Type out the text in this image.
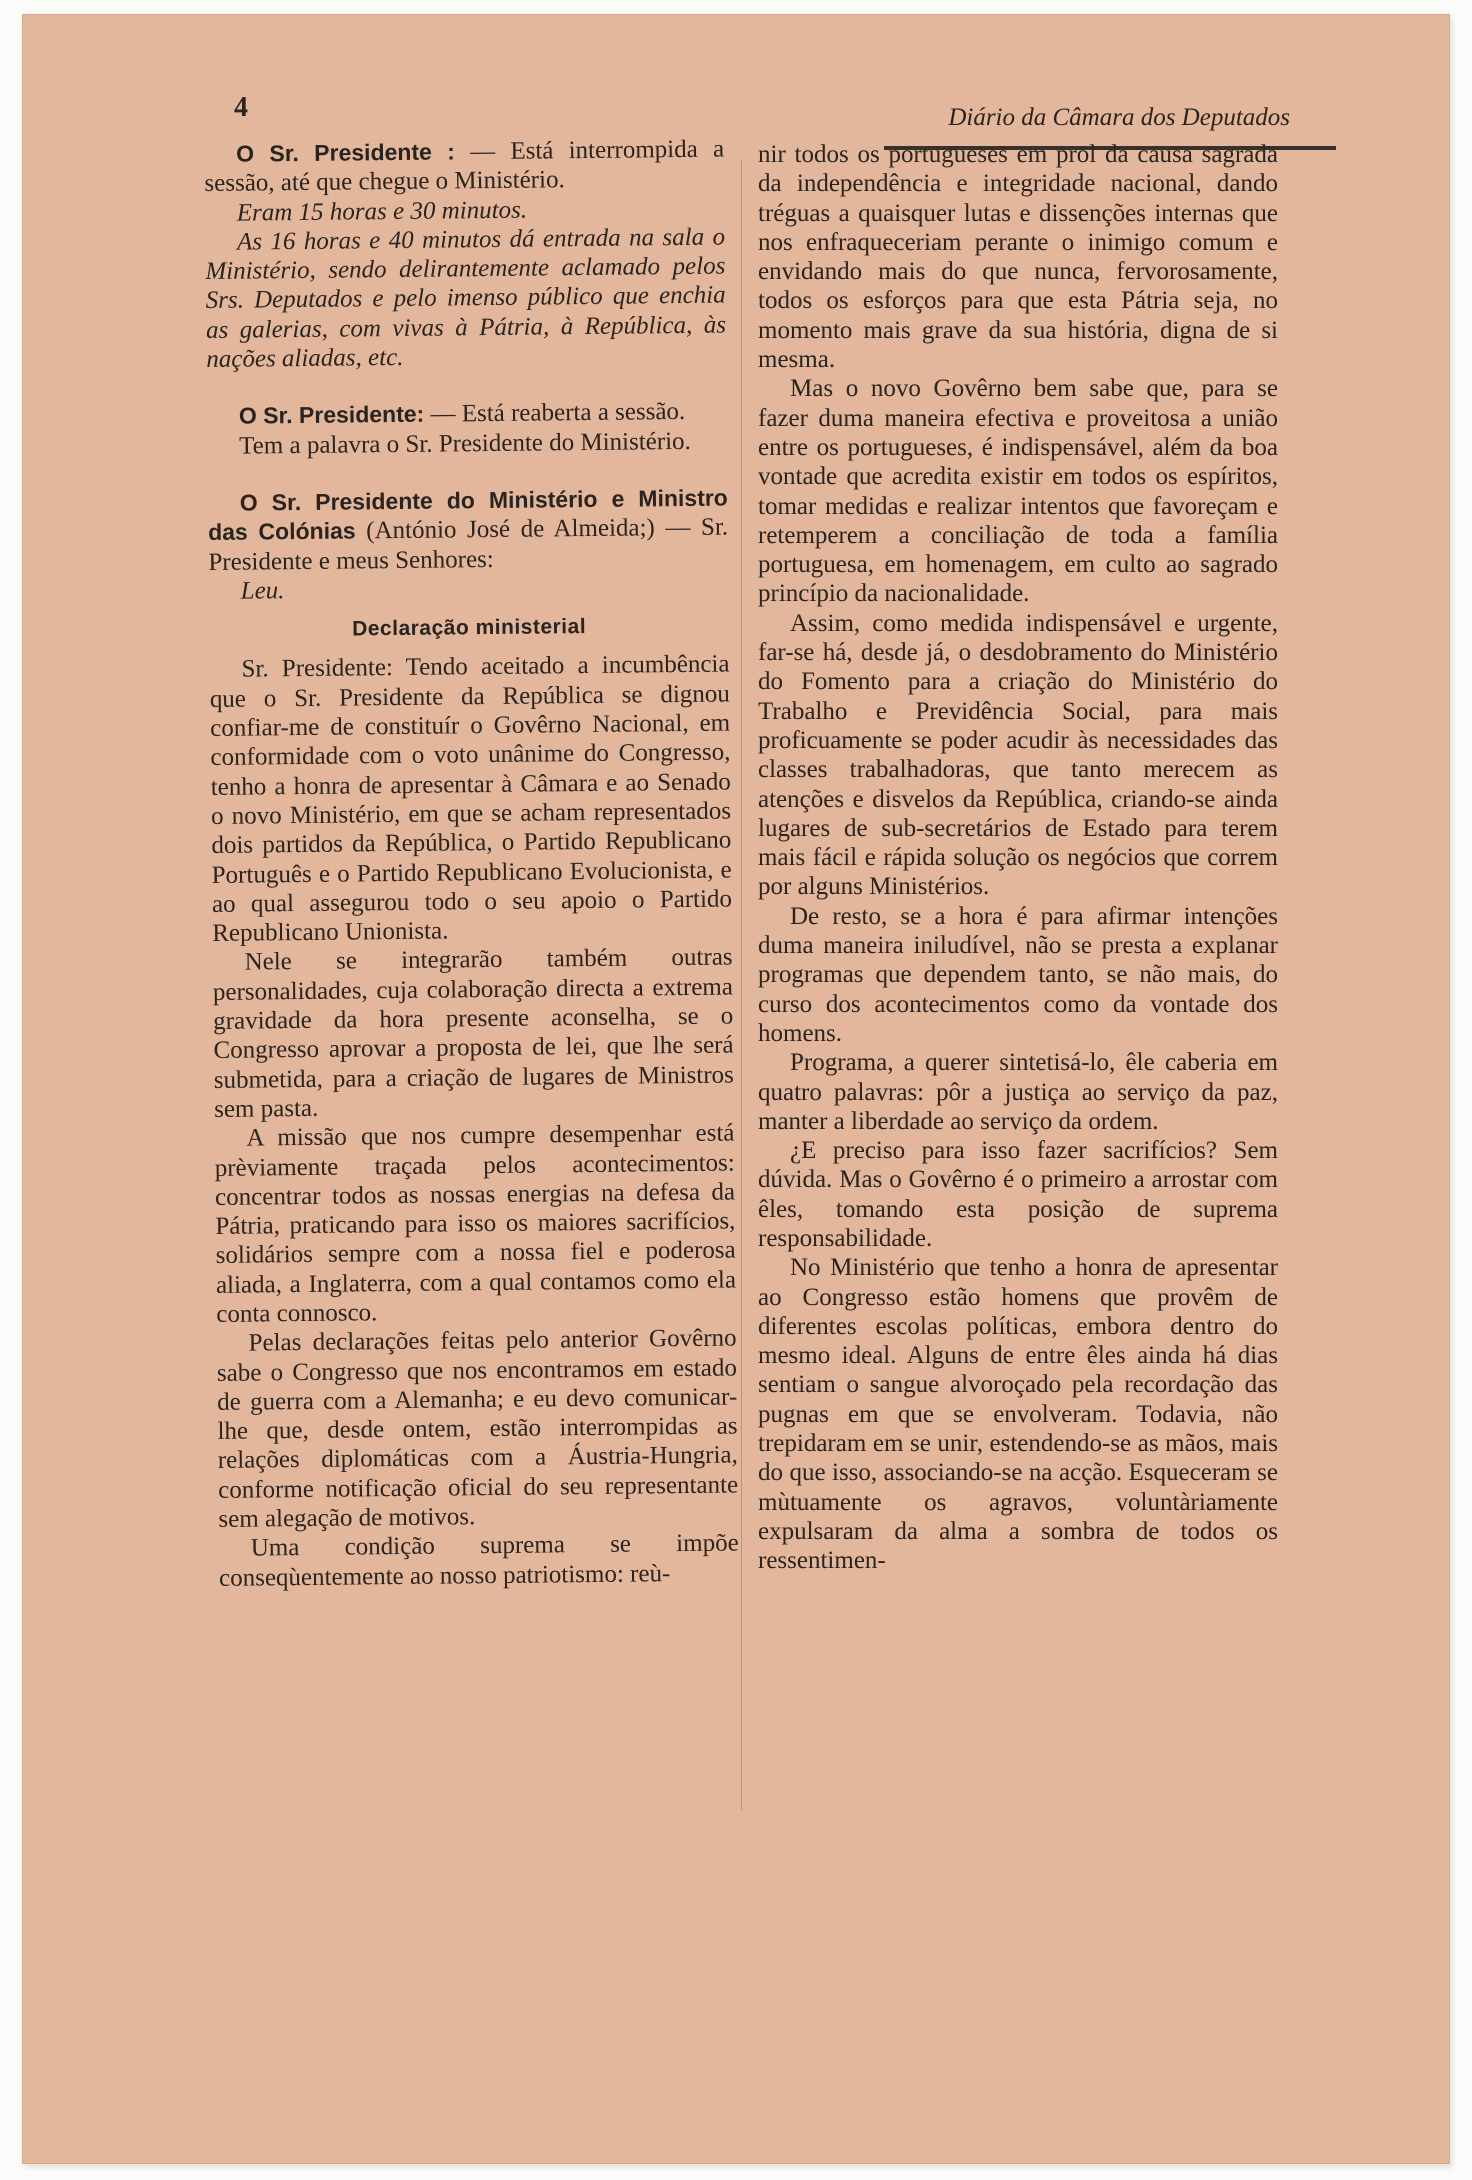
4	Diário da Câmara dos Deputados

O Sr. Presidente : — Está interrompida a sessão, até que chegue o Ministério.

Eram 15 horas e 30 minutos.

As 16 horas e 40 minutos dá entrada na sala o Ministério, sendo delirantemente aclamado pelos Srs. Deputados e pelo imenso público que enchia as galerias, com vivas à Pátria, à República, às nações aliadas, etc.

O Sr. Presidente: — Está reaberta a sessão.

Tem a palavra o Sr. Presidente do Ministério.

O Sr. Presidente do Ministério e Ministro das Colónias (António José de Almeida;) — Sr. Presidente e meus Senhores:

Leu.

Declaração ministerial

Sr. Presidente: Tendo aceitado a incumbência que o Sr. Presidente da República se dignou confiar-me de constituír o Govêrno Nacional, em conformidade com o voto unânime do Congresso, tenho a honra de apresentar à Câmara e ao Senado o novo Ministério, em que se acham representados dois partidos da República, o Partido Republicano Português e o Partido Republicano Evolucionista, e ao qual assegurou todo o seu apoio o Partido Republicano Unionista.

Nele se integrarão também outras personalidades, cuja colaboração directa a extrema gravidade da hora presente aconselha, se o Congresso aprovar a proposta de lei, que lhe será submetida, para a criação de lugares de Ministros sem pasta.

A missão que nos cumpre desempenhar está prèviamente traçada pelos acontecimentos: concentrar todos as nossas energias na defesa da Pátria, praticando para isso os maiores sacrifícios, solidários sempre com a nossa fiel e poderosa aliada, a Inglaterra, com a qual contamos como ela conta connosco.

Pelas declarações feitas pelo anterior Govêrno sabe o Congresso que nos encontramos em estado de guerra com a Alemanha; e eu devo comunicar-lhe que, desde ontem, estão interrompidas as relações diplomáticas com a Áustria-Hungria, conforme notificação oficial do seu representante sem alegação de motivos.

Uma condição suprema se impõe conseqùentemente ao nosso patriotismo: reù-

nir todos os portugueses em prol da causa sagrada da independência e integridade nacional, dando tréguas a quaisquer lutas e dissenções internas que nos enfraqueceriam perante o inimigo comum e envidando mais do que nunca, fervorosamente, todos os esforços para que esta Pátria seja, no momento mais grave da sua história, digna de si mesma.

Mas o novo Govêrno bem sabe que, para se fazer duma maneira efectiva e proveitosa a união entre os portugueses, é indispensável, além da boa vontade que acredita existir em todos os espíritos, tomar medidas e realizar intentos que favoreçam e retemperem a conciliação de toda a família portuguesa, em homenagem, em culto ao sagrado princípio da nacionalidade.

Assim, como medida indispensável e urgente, far-se há, desde já, o desdobramento do Ministério do Fomento para a criação do Ministério do Trabalho e Previdência Social, para mais proficuamente se poder acudir às necessidades das classes trabalhadoras, que tanto merecem as atenções e disvelos da República, criando-se ainda lugares de sub-secretários de Estado para terem mais fácil e rápida solução os negócios que correm por alguns Ministérios.

De resto, se a hora é para afirmar intenções duma maneira iniludível, não se presta a explanar programas que dependem tanto, se não mais, do curso dos acontecimentos como da vontade dos homens.

Programa, a querer sintetisá-lo, êle caberia em quatro palavras: pôr a justiça ao serviço da paz, manter a liberdade ao serviço da ordem.

¿E preciso para isso fazer sacrifícios? Sem dúvida. Mas o Govêrno é o primeiro a arrostar com êles, tomando esta posição de suprema responsabilidade.

No Ministério que tenho a honra de apresentar ao Congresso estão homens que provêm de diferentes escolas políticas, embora dentro do mesmo ideal. Alguns de entre êles ainda há dias sentiam o sangue alvoroçado pela recordação das pugnas em que se envolveram. Todavia, não trepidaram em se unir, estendendo-se as mãos, mais do que isso, associando-se na acção. Esqueceram se mùtuamente os agravos, voluntàriamente expulsaram da alma a sombra de todos os ressentimen-
